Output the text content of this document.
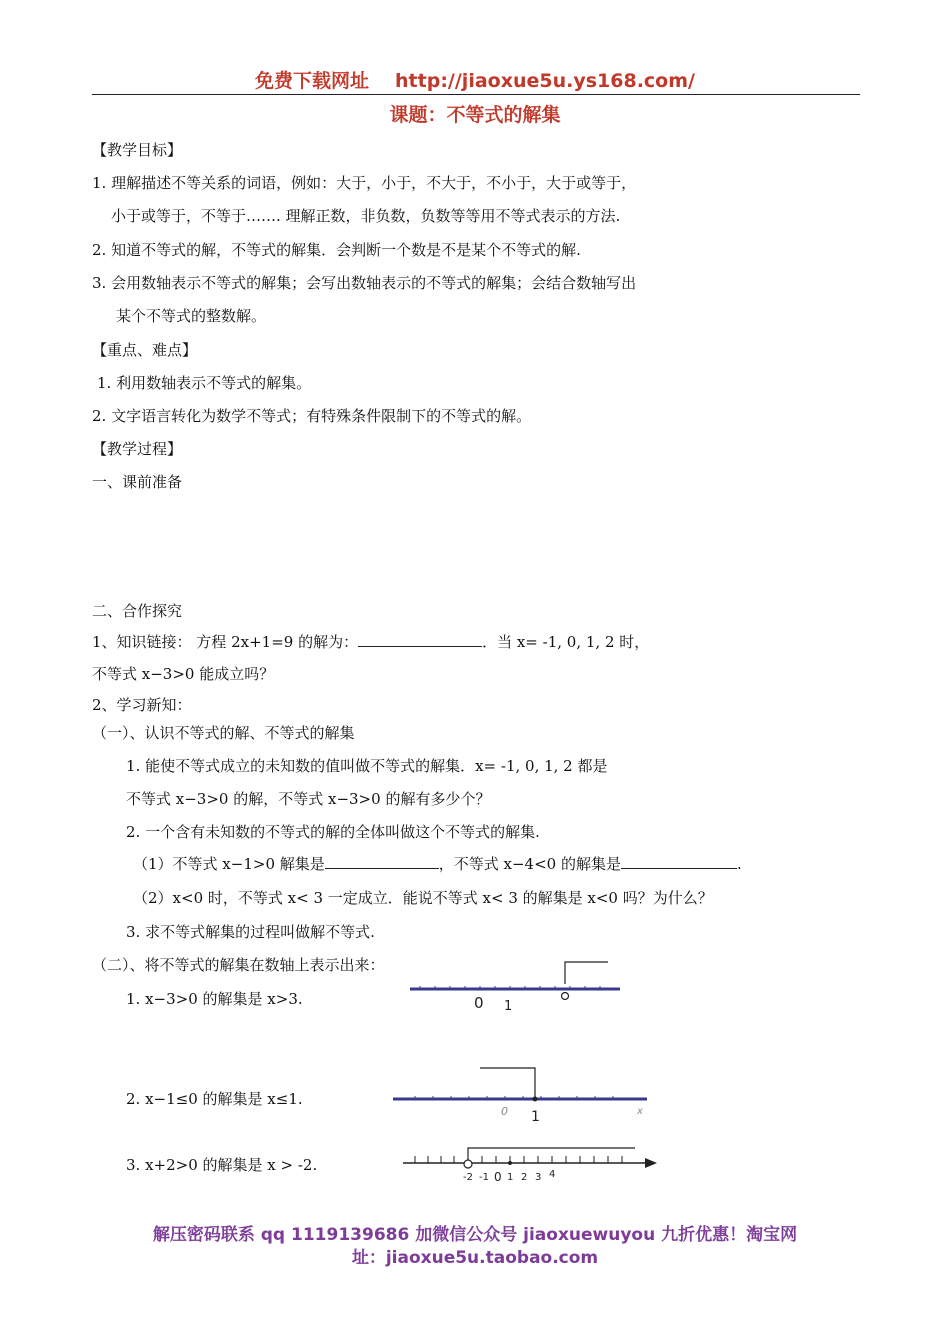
免费下载网址 http://jiaoxue5u.ys168.com/
课题：不等式的解集
【教学目标】
1. 理解描述不等关系的词语，例如：大于，小于，不大于，不小于，大于或等于，
小于或等于，不等于……. 理解正数，非负数，负数等等用不等式表示的方法.
2. 知道不等式的解，不等式的解集．会判断一个数是不是某个不等式的解.
3. 会用数轴表示不等式的解集；会写出数轴表示的不等式的解集；会结合数轴写出
某个不等式的整数解。
【重点、难点】
1. 利用数轴表示不等式的解集。
2. 文字语言转化为数学不等式；有特殊条件限制下的不等式的解。
【教学过程】
一、课前准备
二、合作探究
1、知识链接： 方程 2x+1=9 的解为：	．当 x= -1, 0, 1, 2 时，
不等式 x−3>0 能成立吗？
2、学习新知：
（一）、认识不等式的解、不等式的解集
1. 能使不等式成立的未知数的值叫做不等式的解集．x= -1, 0, 1, 2 都是
不等式 x−3>0 的解，不等式 x−3>0 的解有多少个？
2. 一个含有未知数的不等式的解的全体叫做这个不等式的解集.
（1）不等式 x−1>0 解集是	，不等式 x−4<0 的解集是	.
（2）x<0 时，不等式 x< 3 一定成立．能说不等式 x< 3 的解集是 x<0 吗？为什么？
3. 求不等式解集的过程叫做解不等式.
（二）、将不等式的解集在数轴上表示出来：
1. x−3>0 的解集是 x>3.
2. x−1≤0 的解集是 x≤1.
3. x+2>0 的解集是 x > -2.
0 1
0 1	x
-2 -1 0 1 2 3 4
解压密码联系 qq 1119139686 加微信公众号 jiaoxuewuyou 九折优惠！淘宝网
址：jiaoxue5u.taobao.com
